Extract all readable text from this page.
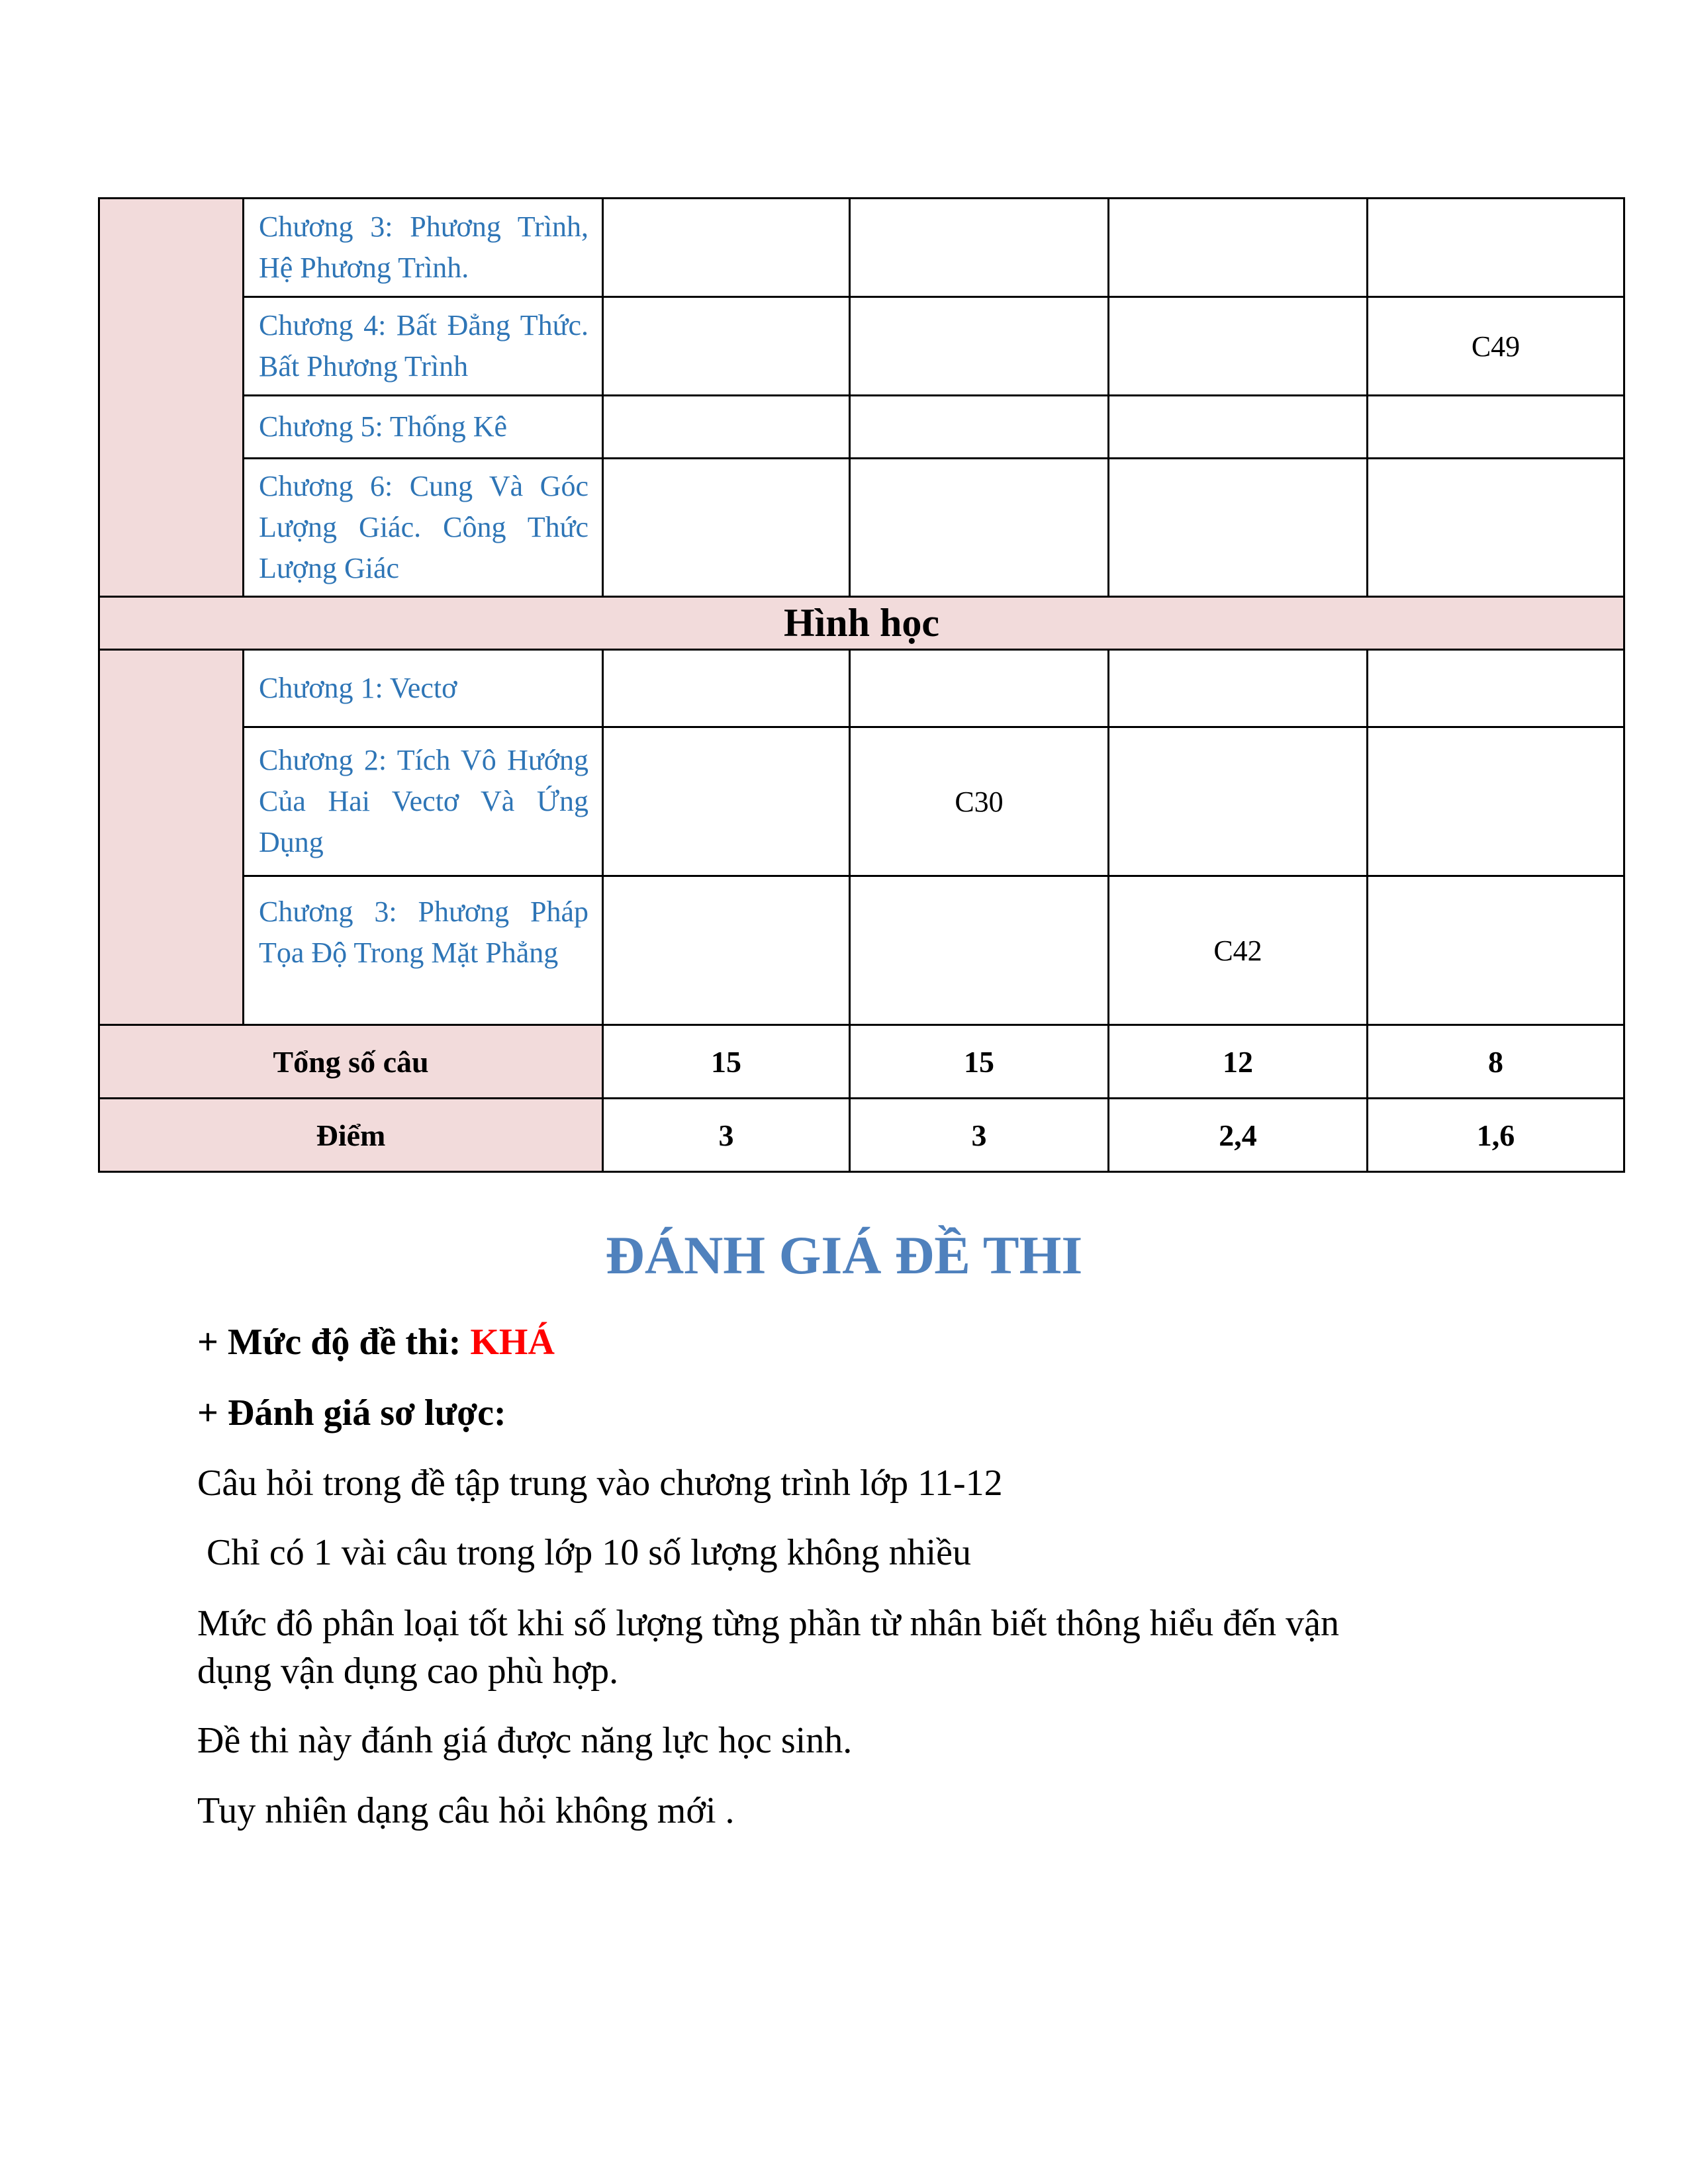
	Chương 3: Phương Trình, Hệ Phương Trình.				
	Chương 4: Bất Đẳng Thức. Bất Phương Trình				C49
	Chương 5: Thống Kê				
	Chương 6: Cung Và Góc Lượng Giác. Công Thức Lượng Giác				
Hình học					
	Chương 1: Vectơ				
	Chương 2: Tích Vô Hướng Của Hai Vectơ Và Ứng Dụng		C30		
	Chương 3: Phương Pháp Tọa Độ Trong Mặt Phẳng			C42	
Tổng số câu		15	15	12	8
Điểm		3	3	2,4	1,6
ĐÁNH GIÁ ĐỀ THI

+ Mức độ đề thi: KHÁ

+ Đánh giá sơ lược:

Câu hỏi trong đề tập trung vào chương trình lớp 11-12

Chỉ có 1 vài câu trong lớp 10 số lượng không nhiều

Mức đô phân loại tốt khi số lượng từng phần từ nhân biết thông hiểu đến vận

dụng vận dụng cao phù hợp.

Đề thi này đánh giá được năng lực học sinh.

Tuy nhiên dạng câu hỏi không mới .
